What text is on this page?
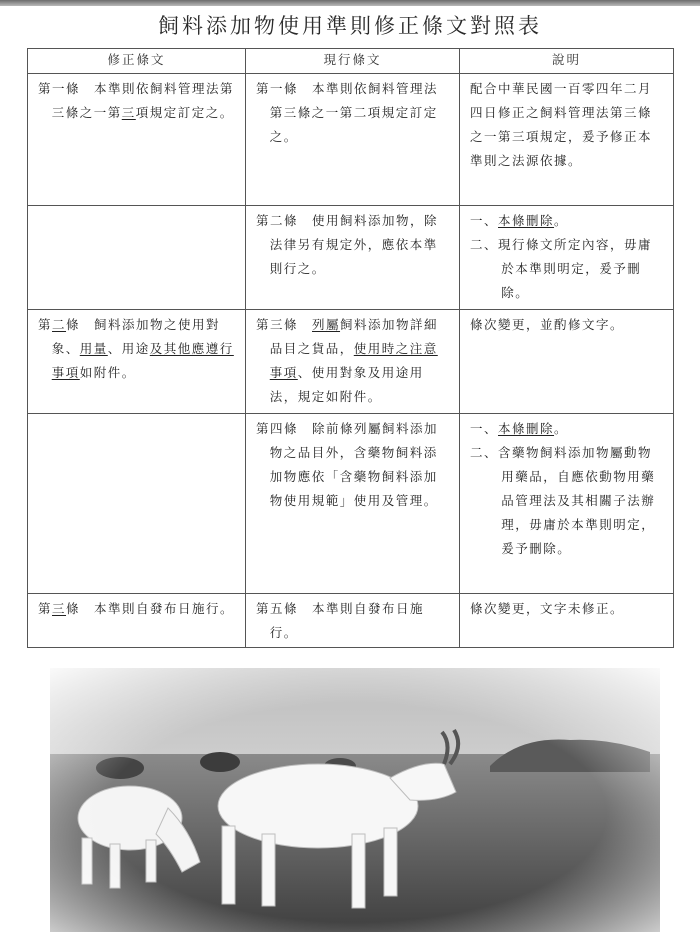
飼料添加物使用準則修正條文對照表
修正條文	現行條文	說明

第一條　本準則依飼料管理法第三條之一第三項規定訂定之。	第一條　本準則依飼料管理法第三條之一第二項規定訂定之。	配合中華民國一百零四年二月四日修正之飼料管理法第三條之一第三項規定，爰予修正本準則之法源依據。

	第二條　使用飼料添加物，除法律另有規定外，應依本準則行之。	一、本條刪除。
二、現行條文所定內容，毋庸於本準則明定，爰予刪除。

第二條　飼料添加物之使用對象、用量、用途及其他應遵行事項如附件。	第三條　列屬飼料添加物詳細品目之貨品，使用時之注意事項、使用對象及用途用法，規定如附件。	條次變更，並酌修文字。

	第四條　除前條列屬飼料添加物之品目外，含藥物飼料添加物應依「含藥物飼料添加物使用規範」使用及管理。	一、本條刪除。
二、含藥物飼料添加物屬動物用藥品，自應依動物用藥品管理法及其相關子法辦理，毋庸於本準則明定，爰予刪除。

第三條　本準則自發布日施行。	第五條　本準則自發布日施行。	條次變更，文字未修正。
